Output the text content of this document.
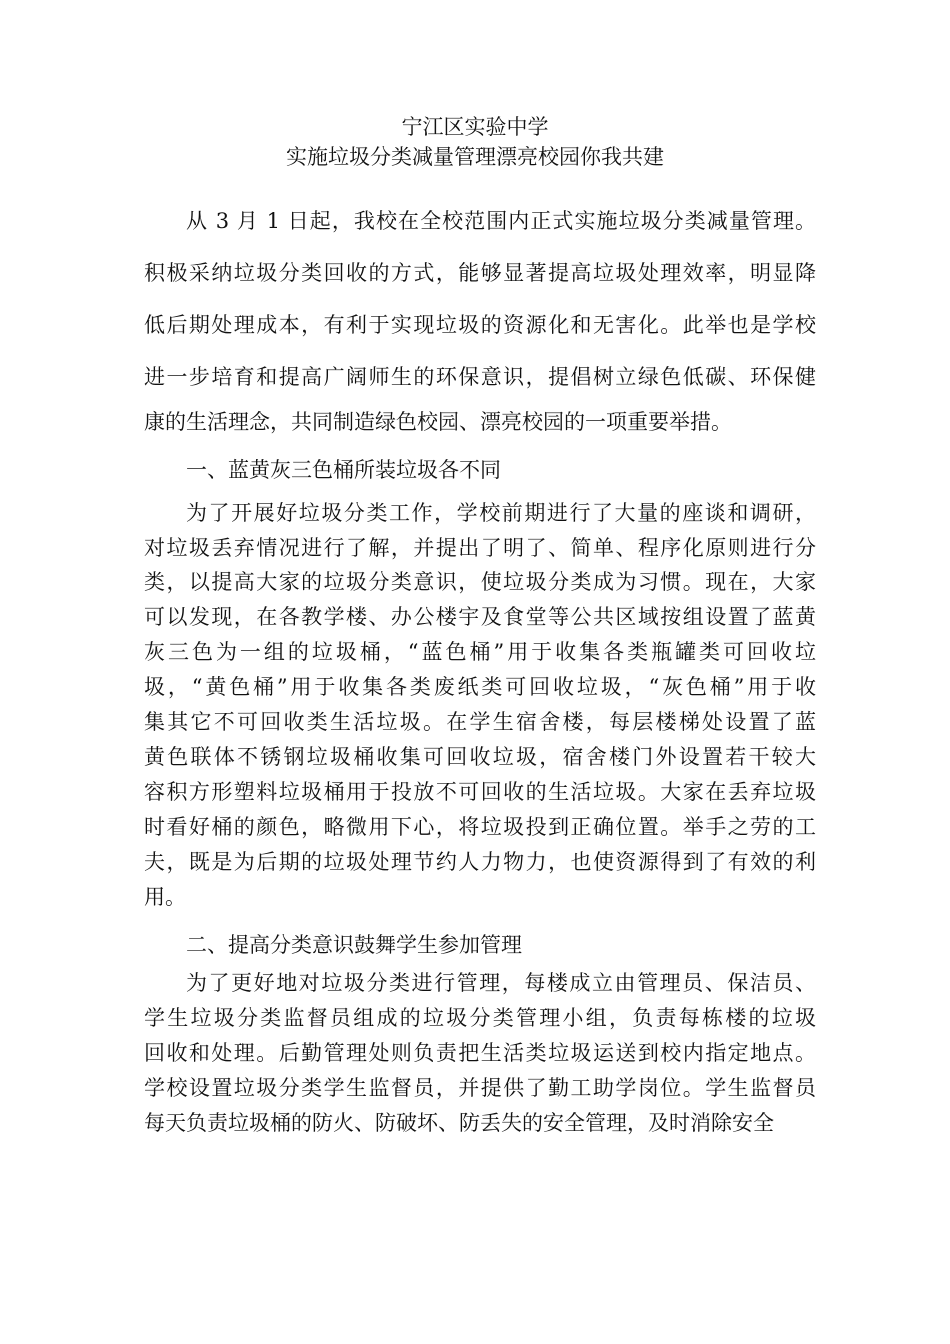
宁江区实验中学
实施垃圾分类减量管理漂亮校园你我共建
从 3 月 1 日起，我校在全校范围内正式实施垃圾分类减量管理。
积极采纳垃圾分类回收的方式，能够显著提高垃圾处理效率，明显降
低后期处理成本，有利于实现垃圾的资源化和无害化。此举也是学校
进一步培育和提高广阔师生的环保意识，提倡树立绿色低碳、环保健
康的生活理念，共同制造绿色校园、漂亮校园的一项重要举措。
一、蓝黄灰三色桶所装垃圾各不同
为了开展好垃圾分类工作，学校前期进行了大量的座谈和调研，
对垃圾丢弃情况进行了解，并提出了明了、简单、程序化原则进行分
类，以提高大家的垃圾分类意识，使垃圾分类成为习惯。现在，大家
可以发现，在各教学楼、办公楼宇及食堂等公共区域按组设置了蓝黄
灰三色为一组的垃圾桶，“蓝色桶”用于收集各类瓶罐类可回收垃
圾，“黄色桶”用于收集各类废纸类可回收垃圾，“灰色桶”用于收
集其它不可回收类生活垃圾。在学生宿舍楼，每层楼梯处设置了蓝
黄色联体不锈钢垃圾桶收集可回收垃圾，宿舍楼门外设置若干较大
容积方形塑料垃圾桶用于投放不可回收的生活垃圾。大家在丢弃垃圾
时看好桶的颜色，略微用下心，将垃圾投到正确位置。举手之劳的工
夫，既是为后期的垃圾处理节约人力物力，也使资源得到了有效的利
用。
二、提高分类意识鼓舞学生参加管理
为了更好地对垃圾分类进行管理，每楼成立由管理员、保洁员、
学生垃圾分类监督员组成的垃圾分类管理小组，负责每栋楼的垃圾
回收和处理。后勤管理处则负责把生活类垃圾运送到校内指定地点。
学校设置垃圾分类学生监督员，并提供了勤工助学岗位。学生监督员
每天负责垃圾桶的防火、防破坏、防丢失的安全管理，及时消除安全
